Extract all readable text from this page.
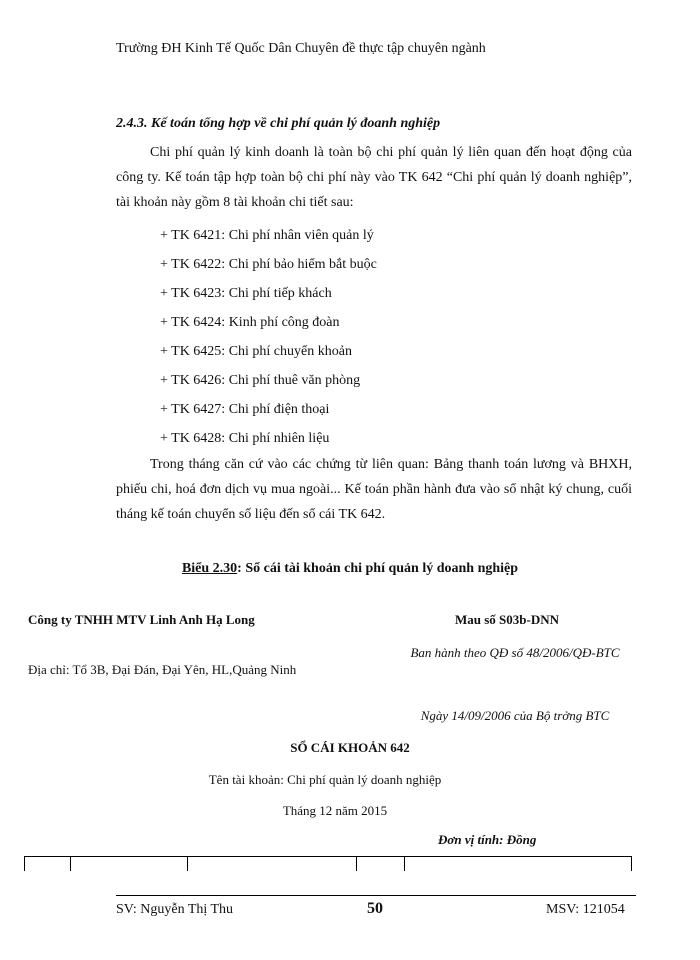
Trường ĐH Kinh Tế Quốc Dân Chuyên đề thực tập chuyên ngành
2.4.3. Kế toán tổng hợp về chi phí quản lý đoanh nghiệp
Chi phí quản lý kinh doanh là toàn bộ chi phí quản lý liên quan đến hoạt động của công ty. Kế toán tập hợp toàn bộ chi phí này vào TK 642 “Chi phí quản lý doanh nghiệp”, tài khoản này gồm 8 tài khoản chi tiết sau:
+ TK 6421: Chi phí nhân viên quản lý
+ TK 6422: Chi phí bảo hiểm bắt buộc
+ TK 6423: Chi phí tiếp khách
+ TK 6424: Kinh phí công đoàn
+ TK 6425: Chi phí chuyển khoản
+ TK 6426: Chi phí thuê văn phòng
+ TK 6427: Chi phí điện thoại
+ TK 6428: Chi phí nhiên liệu
Trong tháng căn cứ vào các chứng từ liên quan: Bảng thanh toán lương và BHXH, phiếu chi, hoá đơn dịch vụ mua ngoài... Kế toán phần hành đưa vào sổ nhật ký chung, cuối tháng kế toán chuyển số liệu đến sổ cái TK 642.
Biểu 2.30: Sổ cái tài khoản chi phí quản lý doanh nghiệp
Công ty TNHH MTV Linh Anh Hạ Long	Mau số S03b-DNN
Địa chỉ: Tổ 3B, Đại Đán, Đại Yên, HL,Quảng Ninh
Ban hành theo QĐ số 48/2006/QĐ-BTC
Ngày 14/09/2006 của Bộ trởng BTC
SỔ CÁI KHOẢN 642
Tên tài khoản: Chi phí quản lý doanh nghiệp
Tháng 12 năm 2015
Đơn vị tính: Đồng
SV: Nguyễn Thị Thu	50	MSV: 121054
